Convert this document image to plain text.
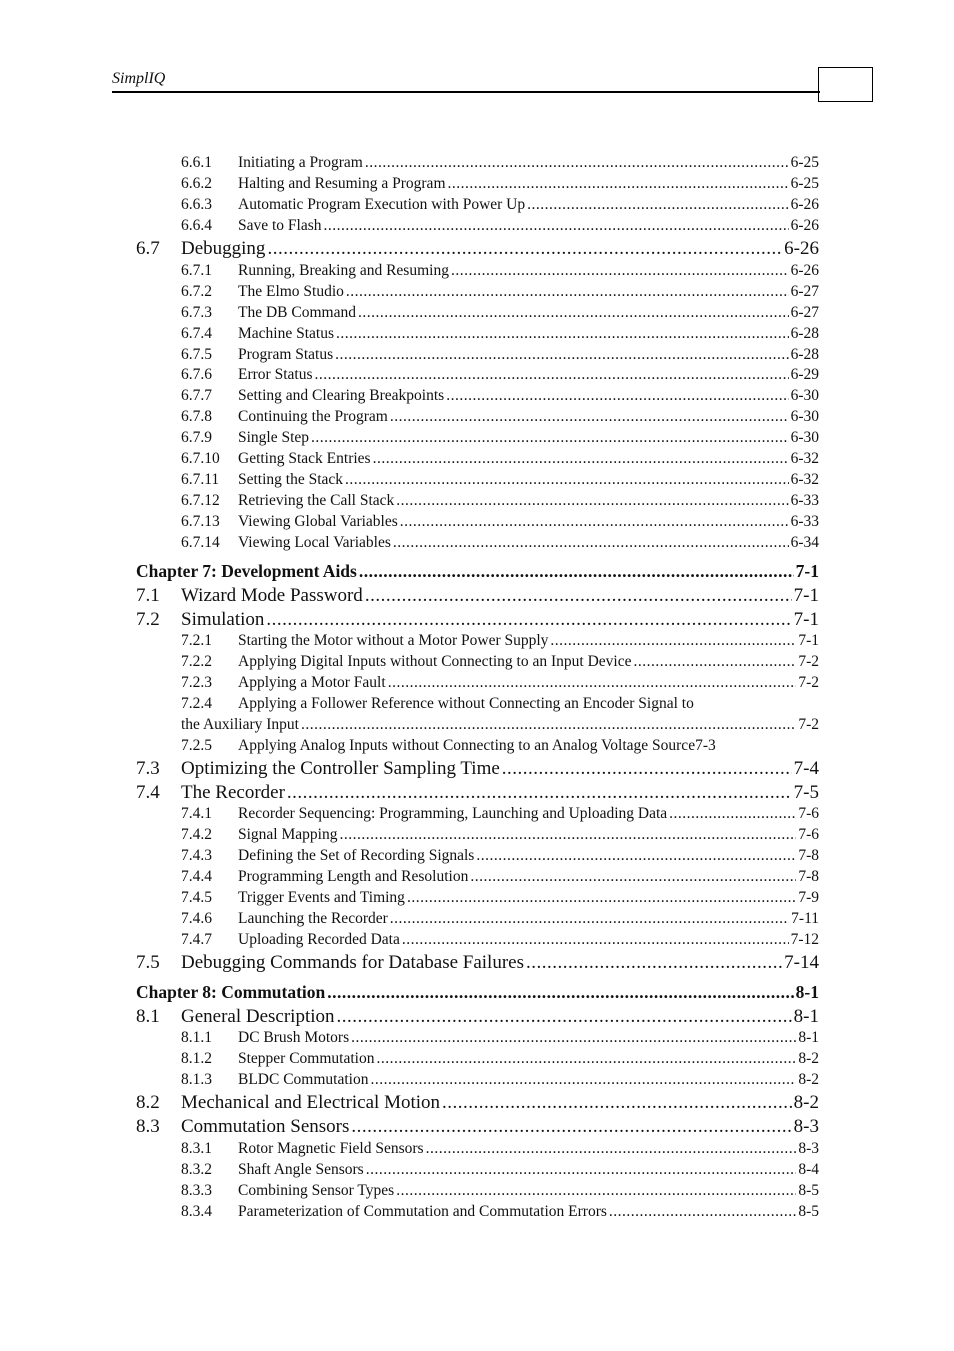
SimplIQ
6.6.1	Initiating a Program .....	6-25
6.6.2	Halting and Resuming a Program .....	6-25
6.6.3	Automatic Program Execution with Power Up .....	6-26
6.6.4	Save to Flash .....	6-26
6.7	Debugging .....	6-26
6.7.1	Running, Breaking and Resuming .....	6-26
6.7.2	The Elmo Studio .....	6-27
6.7.3	The DB Command .....	6-27
6.7.4	Machine Status .....	6-28
6.7.5	Program Status .....	6-28
6.7.6	Error Status .....	6-29
6.7.7	Setting and Clearing Breakpoints .....	6-30
6.7.8	Continuing the Program .....	6-30
6.7.9	Single Step .....	6-30
6.7.10	Getting Stack Entries .....	6-32
6.7.11	Setting the Stack .....	6-32
6.7.12	Retrieving the Call Stack .....	6-33
6.7.13	Viewing Global Variables .....	6-33
6.7.14	Viewing Local Variables .....	6-34
Chapter 7: Development Aids .....	7-1
7.1	Wizard Mode Password .....	7-1
7.2	Simulation .....	7-1
7.2.1	Starting the Motor without a Motor Power Supply .....	7-1
7.2.2	Applying Digital Inputs without Connecting to an Input Device .....	7-2
7.2.3	Applying a Motor Fault .....	7-2
7.2.4	Applying a Follower Reference without Connecting an Encoder Signal to
the Auxiliary Input .....	7-2
7.2.5	Applying Analog Inputs without Connecting to an Analog Voltage Source 7-3
7.3	Optimizing the Controller Sampling Time .....	7-4
7.4	The Recorder .....	7-5
7.4.1	Recorder Sequencing: Programming, Launching and Uploading Data .....	7-6
7.4.2	Signal Mapping .....	7-6
7.4.3	Defining the Set of Recording Signals .....	7-8
7.4.4	Programming Length and Resolution .....	7-8
7.4.5	Trigger Events and Timing .....	7-9
7.4.6	Launching the Recorder .....	7-11
7.4.7	Uploading Recorded Data .....	7-12
7.5	Debugging Commands for Database Failures .....	7-14
Chapter 8: Commutation .....	8-1
8.1	General Description .....	8-1
8.1.1	DC Brush Motors .....	8-1
8.1.2	Stepper Commutation .....	8-2
8.1.3	BLDC Commutation .....	8-2
8.2	Mechanical and Electrical Motion .....	8-2
8.3	Commutation Sensors .....	8-3
8.3.1	Rotor Magnetic Field Sensors .....	8-3
8.3.2	Shaft Angle Sensors .....	8-4
8.3.3	Combining Sensor Types .....	8-5
8.3.4	Parameterization of Commutation and Commutation Errors .....	8-5
